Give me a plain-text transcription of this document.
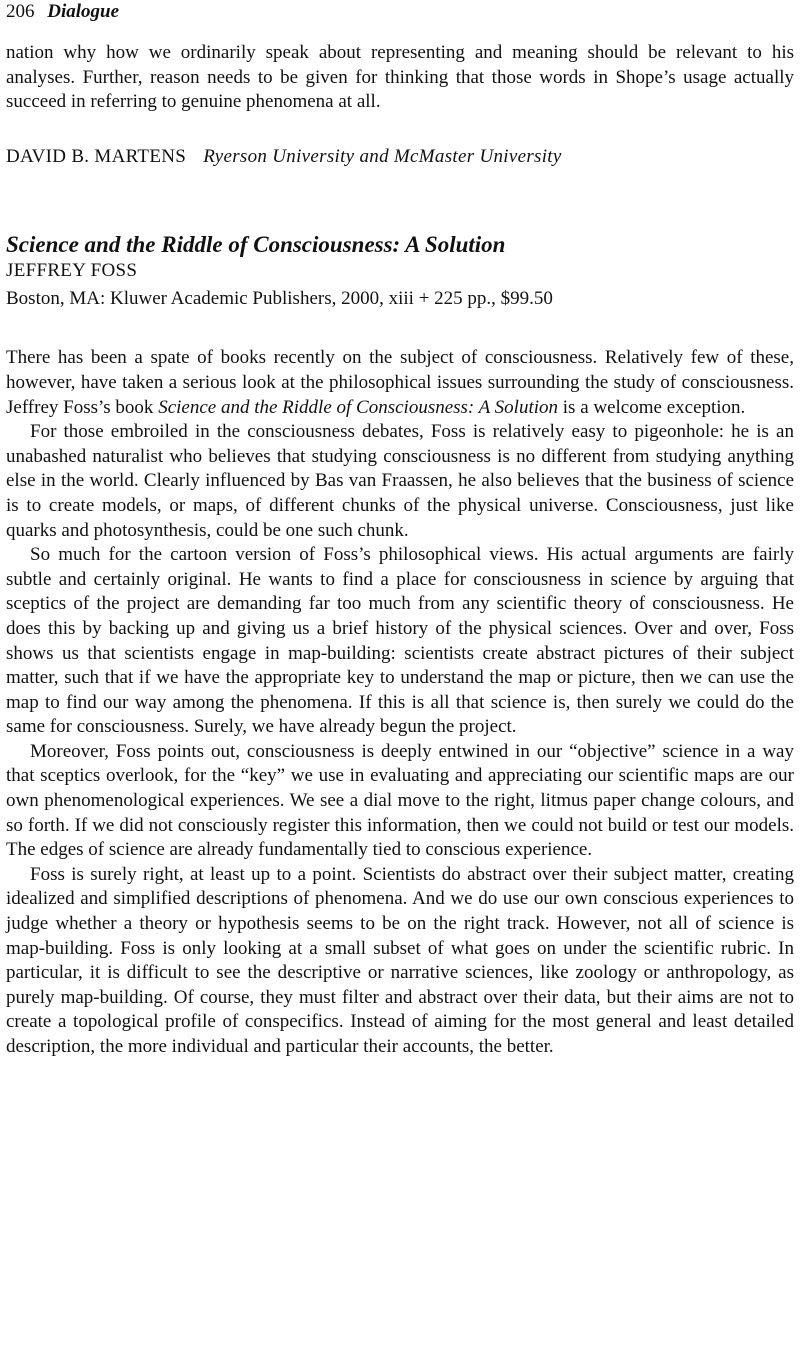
206 Dialogue

nation why how we ordinarily speak about representing and meaning should be relevant to his analyses. Further, reason needs to be given for thinking that those words in Shope’s usage actually succeed in referring to genuine phenomena at all.

DAVID B. MARTENS Ryerson University and McMaster University
Science and the Riddle of Consciousness: A Solution
JEFFREY FOSS
Boston, MA: Kluwer Academic Publishers, 2000, xiii + 225 pp., $99.50

There has been a spate of books recently on the subject of consciousness. Relatively few of these, however, have taken a serious look at the philosophical issues surrounding the study of consciousness. Jeffrey Foss’s book Science and the Riddle of Consciousness: A Solution is a welcome exception.

For those embroiled in the consciousness debates, Foss is relatively easy to pigeonhole: he is an unabashed naturalist who believes that studying consciousness is no different from studying anything else in the world. Clearly influenced by Bas van Fraassen, he also believes that the business of science is to create models, or maps, of different chunks of the physical universe. Consciousness, just like quarks and photosynthesis, could be one such chunk.

So much for the cartoon version of Foss’s philosophical views. His actual arguments are fairly subtle and certainly original. He wants to find a place for consciousness in science by arguing that sceptics of the project are demanding far too much from any scientific theory of consciousness. He does this by backing up and giving us a brief history of the physical sciences. Over and over, Foss shows us that scientists engage in map-building: scientists create abstract pictures of their subject matter, such that if we have the appropriate key to understand the map or picture, then we can use the map to find our way among the phenomena. If this is all that science is, then surely we could do the same for consciousness. Surely, we have already begun the project.

Moreover, Foss points out, consciousness is deeply entwined in our “objective” science in a way that sceptics overlook, for the “key” we use in evaluating and appreciating our scientific maps are our own phenomenological experiences. We see a dial move to the right, litmus paper change colours, and so forth. If we did not consciously register this information, then we could not build or test our models. The edges of science are already fundamentally tied to conscious experience.

Foss is surely right, at least up to a point. Scientists do abstract over their subject matter, creating idealized and simplified descriptions of phenomena. And we do use our own conscious experiences to judge whether a theory or hypothesis seems to be on the right track. However, not all of science is map-building. Foss is only looking at a small subset of what goes on under the scientific rubric. In particular, it is difficult to see the descriptive or narrative sciences, like zoology or anthropology, as purely map-building. Of course, they must filter and abstract over their data, but their aims are not to create a topological profile of conspecifics. Instead of aiming for the most general and least detailed description, the more individual and particular their accounts, the better.
